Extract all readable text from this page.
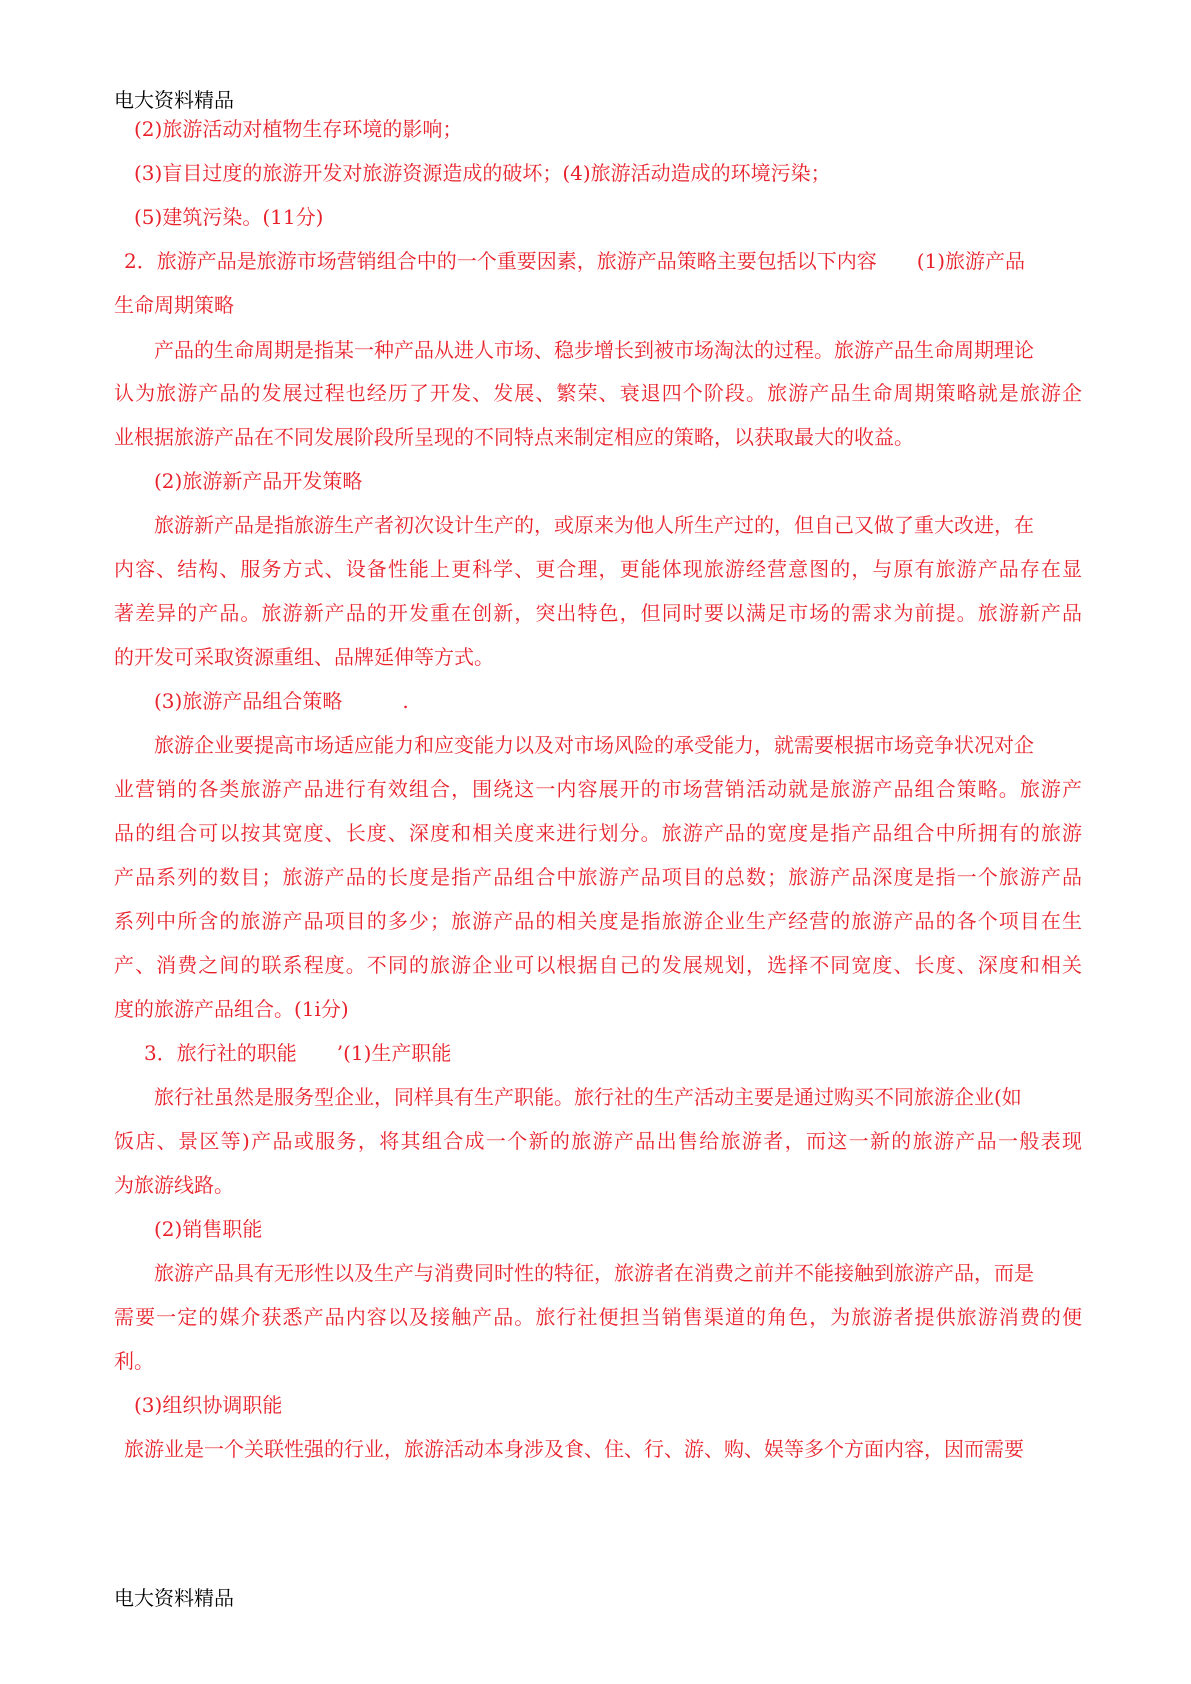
电大资料精品
(2)旅游活动对植物生存环境的影响；
(3)盲目过度的旅游开发对旅游资源造成的破坏；(4)旅游活动造成的环境污染；
(5)建筑污染。(11分)
2．旅游产品是旅游市场营销组合中的一个重要因素，旅游产品策略主要包括以下内容　　(1)旅游产品
生命周期策略
产品的生命周期是指某一种产品从进人市场、稳步增长到被市场淘汰的过程。旅游产品生命周期理论
认为旅游产品的发展过程也经历了开发、发展、繁荣、衰退四个阶段。旅游产品生命周期策略就是旅游企
业根据旅游产品在不同发展阶段所呈现的不同特点来制定相应的策略，以获取最大的收益。
(2)旅游新产品开发策略
旅游新产品是指旅游生产者初次设计生产的，或原来为他人所生产过的，但自己又做了重大改进，在
内容、结构、服务方式、设备性能上更科学、更合理，更能体现旅游经营意图的，与原有旅游产品存在显
著差异的产品。旅游新产品的开发重在创新，突出特色，但同时要以满足市场的需求为前提。旅游新产品
的开发可采取资源重组、品牌延伸等方式。
(3)旅游产品组合策略　　　.
旅游企业要提高市场适应能力和应变能力以及对市场风险的承受能力，就需要根据市场竞争状况对企
业营销的各类旅游产品进行有效组合，围绕这一内容展开的市场营销活动就是旅游产品组合策略。旅游产
品的组合可以按其宽度、长度、深度和相关度来进行划分。旅游产品的宽度是指产品组合中所拥有的旅游
产品系列的数目；旅游产品的长度是指产品组合中旅游产品项目的总数；旅游产品深度是指一个旅游产品
系列中所含的旅游产品项目的多少；旅游产品的相关度是指旅游企业生产经营的旅游产品的各个项目在生
产、消费之间的联系程度。不同的旅游企业可以根据自己的发展规划，选择不同宽度、长度、深度和相关
度的旅游产品组合。(1i分)
3．旅行社的职能　　’(1)生产职能
旅行社虽然是服务型企业，同样具有生产职能。旅行社的生产活动主要是通过购买不同旅游企业(如
饭店、景区等)产品或服务，将其组合成一个新的旅游产品出售给旅游者，而这一新的旅游产品一般表现
为旅游线路。
(2)销售职能
旅游产品具有无形性以及生产与消费同时性的特征，旅游者在消费之前并不能接触到旅游产品，而是
需要一定的媒介获悉产品内容以及接触产品。旅行社便担当销售渠道的角色，为旅游者提供旅游消费的便
利。
(3)组织协调职能
旅游业是一个关联性强的行业，旅游活动本身涉及食、住、行、游、购、娱等多个方面内容，因而需要
电大资料精品
